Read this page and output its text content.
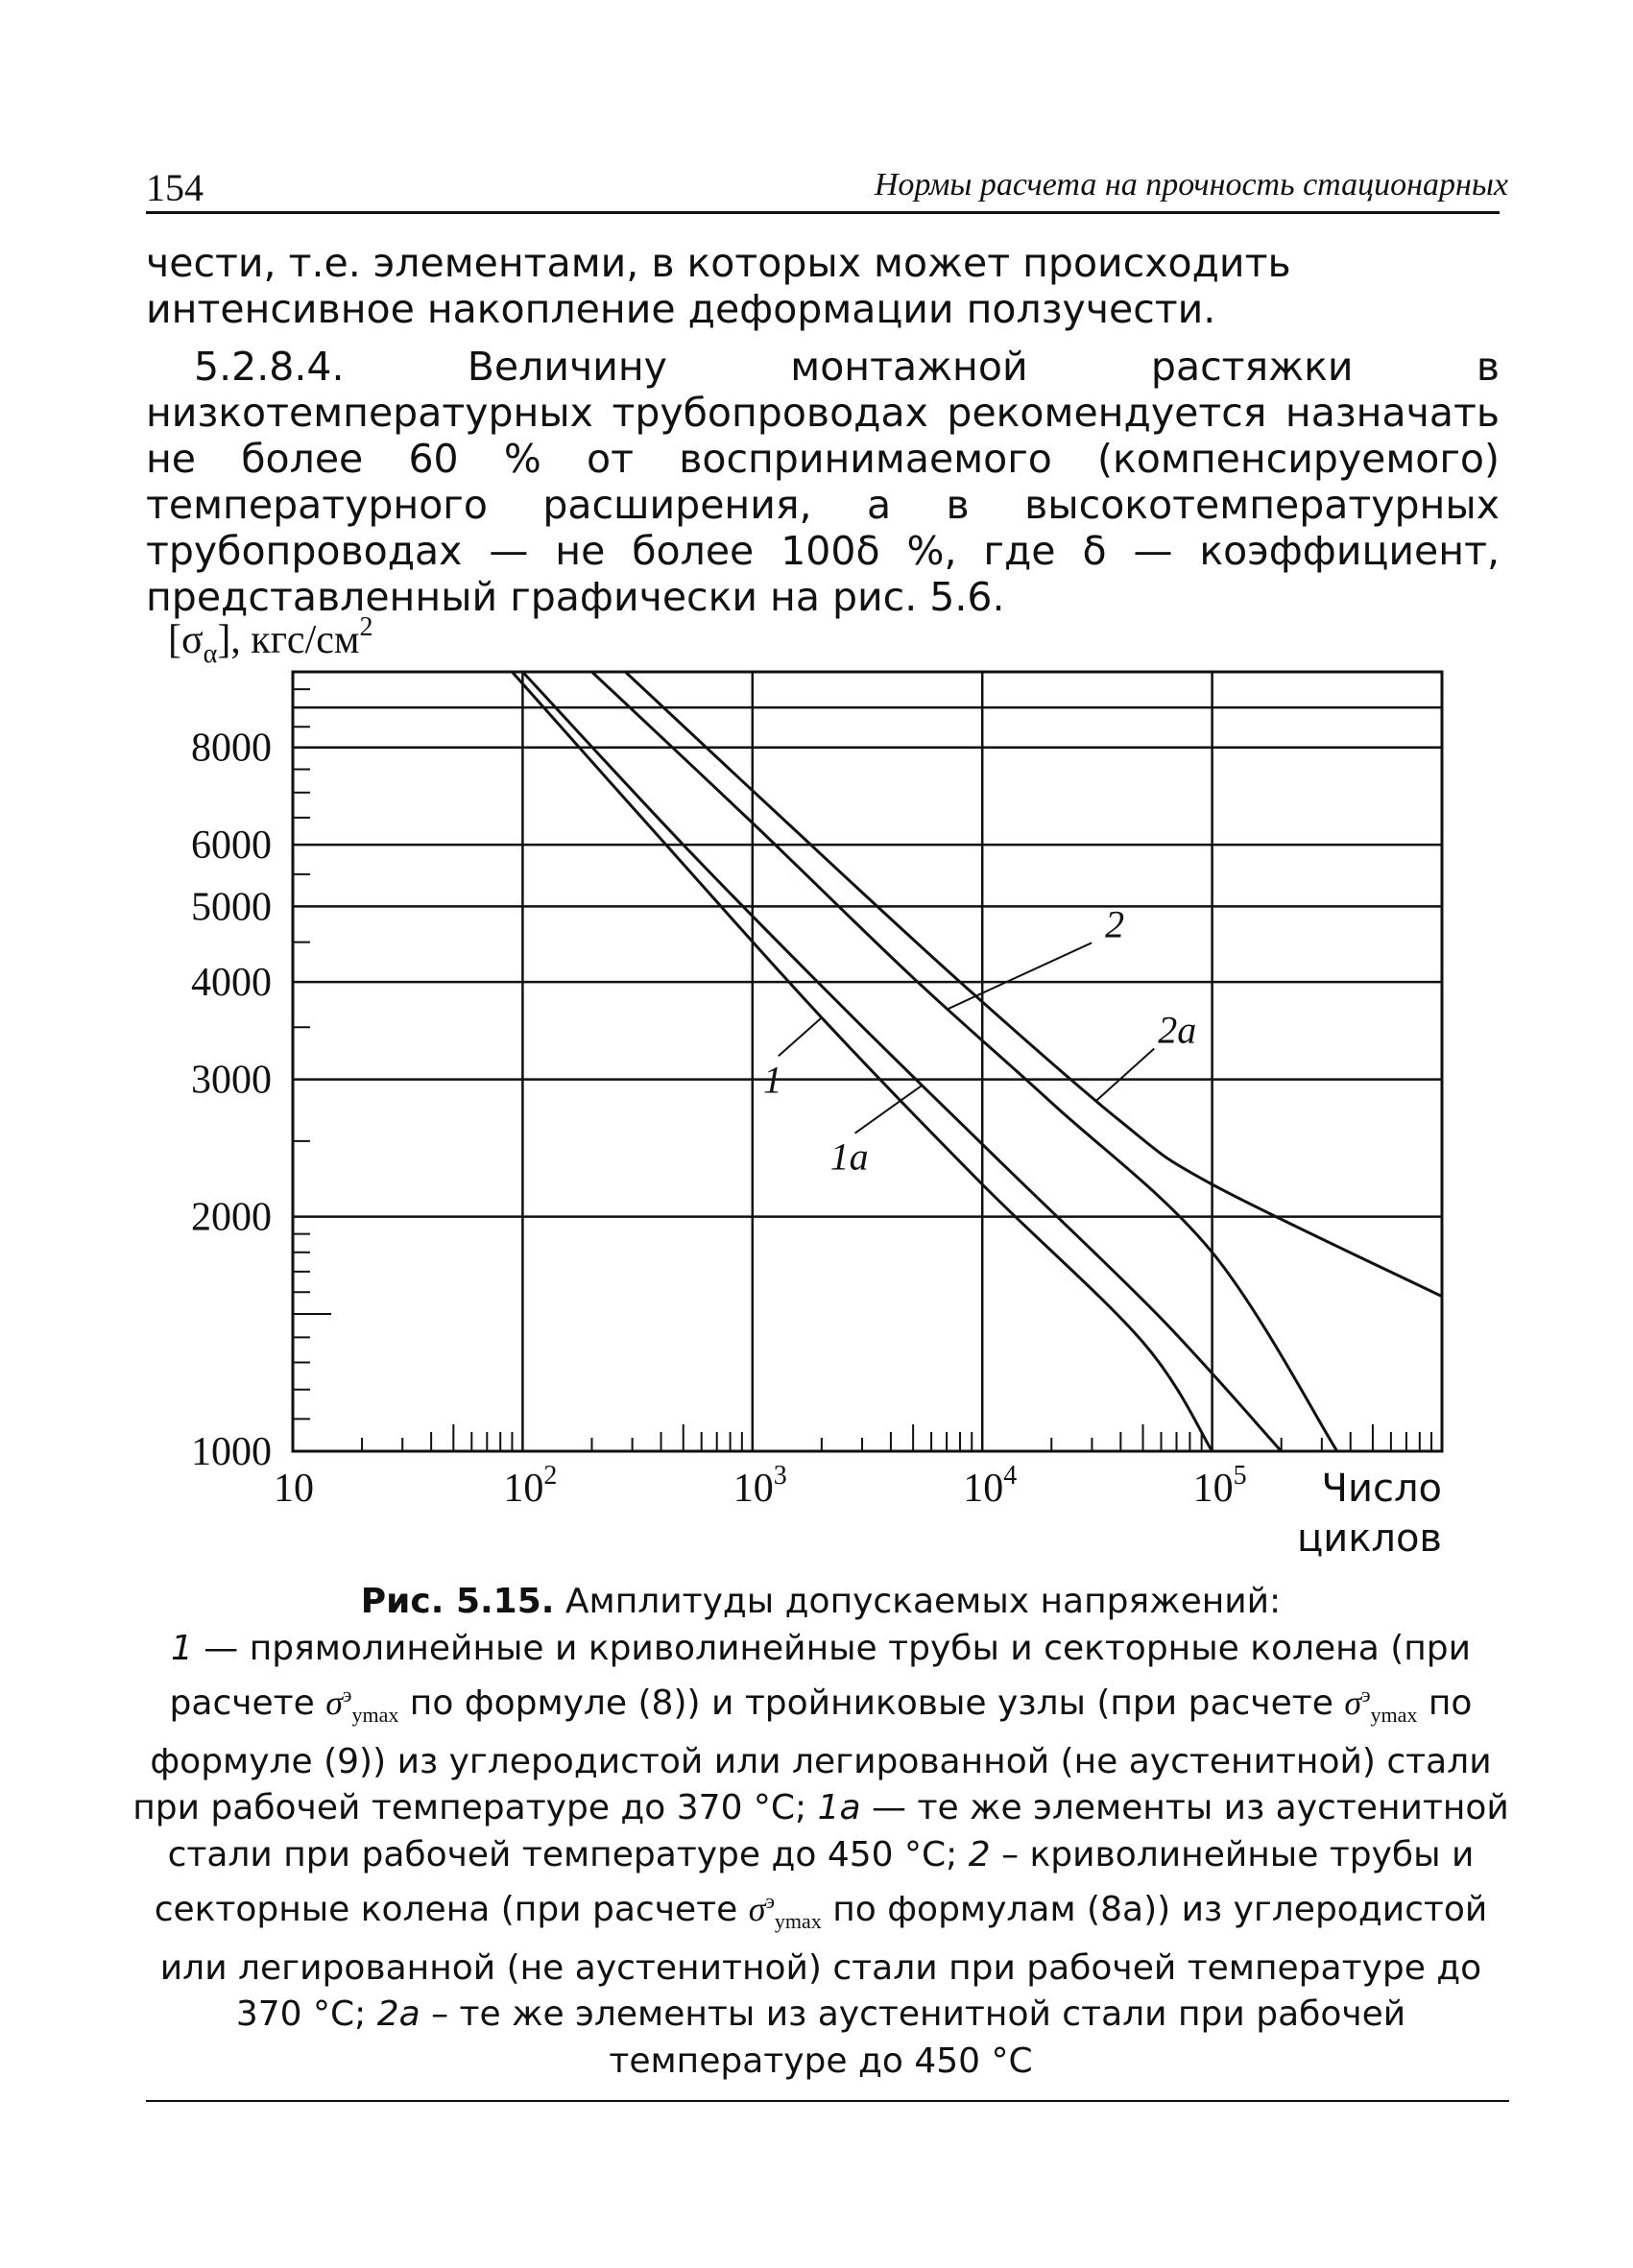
154	Нормы расчета на прочность стационарных

чести, т.е. элементами, в которых может происходить интенсивное накопление деформации ползучести.

5.2.8.4. Величину монтажной растяжки в низкотемпературных трубопроводах рекомендуется назначать не более 60 % от воспринимаемого (компенсируемого) температурного расширения, а в высокотемпературных трубопроводах — не более 100δ %, где δ — коэффициент, представленный графически на рис. 5.6.

1000
2000
3000
4000
5000
6000
8000
10	$10^2$	$10^3$	$10^4$	$10^5$ Число
циклов
$[\sigma_\alpha]$, кгс/$см^2$
1
1a
2
2a

Рис. 5.15. Амплитуды допускаемых напряжений:

1 — прямолинейные и криволинейные трубы и секторные колена (при расчете $\sigma^э_{ymax}$ по формуле (8)) и тройниковые узлы (при расчете $\sigma^э_{ymax}$ по формуле (9)) из углеродистой или легированной (не аустенитной) стали при рабочей температуре до 370 °С; 1а — те же элементы из аустенитной стали при рабочей температуре до 450 °С; 2 – криволинейные трубы и секторные колена (при расчете $\sigma^э_{ymax}$ по формулам (8а)) из углеродистой или легированной (не аустенитной) стали при рабочей температуре до 370 °С; 2а – те же элементы из аустенитной стали при рабочей температуре до 450 °С
